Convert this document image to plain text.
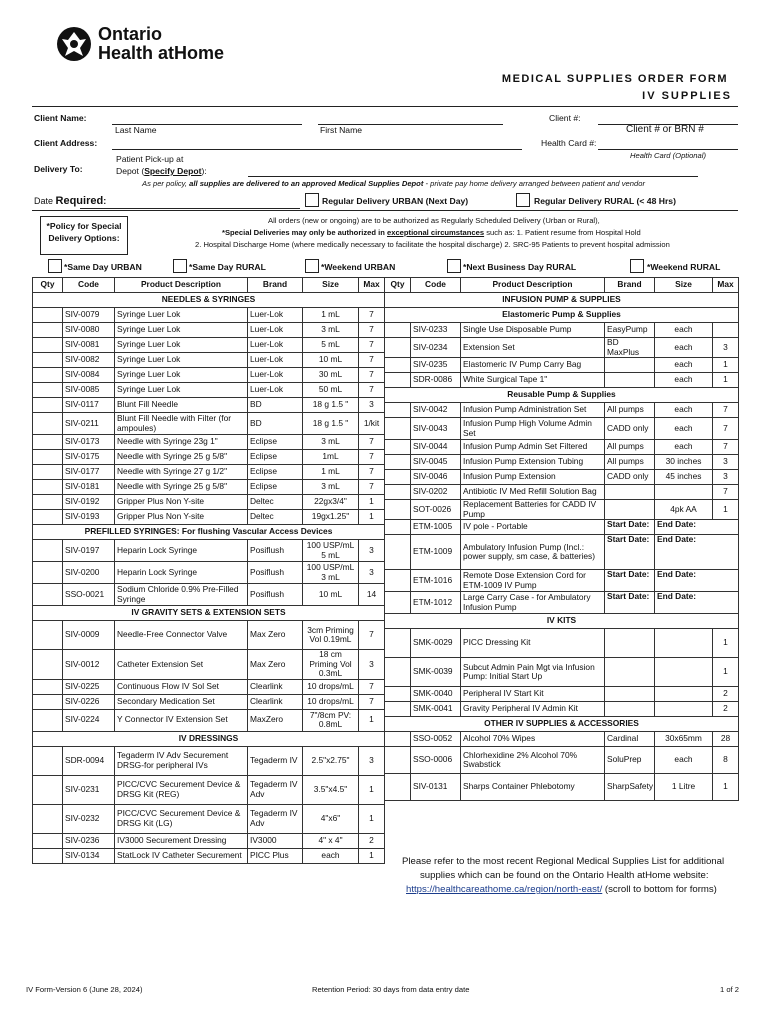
Ontario
Health atHome
MEDICAL SUPPLIES ORDER FORM
IV SUPPLIES
Client Name:
Last Name	First Name
Client #:
Client # or BRN #
Client Address:	Health Card #:
Health Card (Optional)
Delivery To:
Patient Pick-up at
Depot (Specify Depot):
As per policy, all supplies are delivered to an approved Medical Supplies Depot - private pay home delivery arranged between patient and vendor
Date Required:	Regular Delivery URBAN (Next Day)	Regular Delivery RURAL (< 48 Hrs)
*Policy for Special Delivery Options:
All orders (new or ongoing) are to be authorized as Regularly Scheduled Delivery (Urban or Rural),
*Special Deliveries may only be authorized in exceptional circumstances such as: 1. Patient resume from Hospital Hold
2. Hospital Discharge Home (where medically necessary to facilitate the hospital discharge) 2. SRC-95 Patients to prevent hospital admission
*Same Day URBAN	*Same Day RURAL	*Weekend URBAN	*Next Business Day RURAL	*Weekend RURAL
Qty	Code	Product Description	Brand	Size	Max
NEEDLES & SYRINGES					
	SIV-0079	Syringe Luer Lok	Luer-Lok	1 mL	7
	SIV-0080	Syringe Luer Lok	Luer-Lok	3 mL	7
	SIV-0081	Syringe Luer Lok	Luer-Lok	5 mL	7
	SIV-0082	Syringe Luer Lok	Luer-Lok	10 mL	7
	SIV-0084	Syringe Luer Lok	Luer-Lok	30 mL	7
	SIV-0085	Syringe Luer Lok	Luer-Lok	50 mL	7
	SIV-0117	Blunt Fill Needle	BD	18 g 1.5 "	3
	SIV-0211	Blunt Fill Needle with Filter (for ampoules)	BD	18 g 1.5 "	1/kit
	SIV-0173	Needle with Syringe 23g 1"	Eclipse	3 mL	7
	SIV-0175	Needle with Syringe 25 g 5/8"	Eclipse	1mL	7
	SIV-0177	Needle with Syringe 27 g 1/2"	Eclipse	1 mL	7
	SIV-0181	Needle with Syringe 25 g 5/8"	Eclipse	3 mL	7
	SIV-0192	Gripper Plus Non Y-site	Deltec	22gx3/4"	1
	SIV-0193	Gripper Plus Non Y-site	Deltec	19gx1.25"	1
PREFILLED SYRINGES: For flushing Vascular Access Devices					
	SIV-0197	Heparin Lock Syringe	Posiflush	100 USP/mL 5 mL	3
	SIV-0200	Heparin Lock Syringe	Posiflush	100 USP/mL 3 mL	3
	SSO-0021	Sodium Chloride 0.9% Pre-Filled Syringe	Posiflush	10 mL	14
IV GRAVITY SETS & EXTENSION SETS					
	SIV-0009	Needle-Free Connector Valve	Max Zero	3cm Priming Vol 0.19mL	7
	SIV-0012	Catheter Extension Set	Max Zero	18 cm Priming Vol 0.3mL	3
	SIV-0225	Continuous Flow IV Sol Set	Clearlink	10 drops/mL	7
	SIV-0226	Secondary Medication Set	Clearlink	10 drops/mL	7
	SIV-0224	Y Connector IV Extension Set	MaxZero	7"/8cm PV: 0.8mL	1
IV DRESSINGS					
	SDR-0094	Tegaderm IV Adv Securement DRSG-for peripheral IVs	Tegaderm IV	2.5"x2.75"	3
	SIV-0231	PICC/CVC Securement Device & DRSG Kit (REG)	Tegaderm IV Adv	3.5"x4.5"	1
	SIV-0232	PICC/CVC Securement Device & DRSG Kit (LG)	Tegaderm IV Adv	4"x6"	1
	SIV-0236	IV3000 Securement Dressing	IV3000	4" x 4"	2
	SIV-0134	StatLock IV Catheter Securement	PICC Plus	each	1
Qty	Code	Product Description	Brand	Size	Max
INFUSION PUMP & SUPPLIES					
Elastomeric Pump & Supplies					
	SIV-0233	Single Use Disposable Pump	EasyPump	each	
	SIV-0234	Extension Set	BD MaxPlus	each	3
	SIV-0235	Elastomeric IV Pump Carry Bag		each	1
	SDR-0086	White Surgical Tape 1"		each	1
Reusable Pump & Supplies					
	SIV-0042	Infusion Pump Administration Set	All pumps	each	7
	SIV-0043	Infusion Pump High Volume Admin Set	CADD only	each	7
	SIV-0044	Infusion Pump Admin Set Filtered	All pumps	each	7
	SIV-0045	Infusion Pump Extension Tubing	All pumps	30 inches	3
	SIV-0046	Infusion Pump Extension	CADD only	45 inches	3
	SIV-0202	Antibiotic IV Med Refill Solution Bag			7
	SOT-0026	Replacement Batteries for CADD IV Pump		4pk AA	1
	ETM-1005	IV pole - Portable	Start Date:	End Date:	
	ETM-1009	Ambulatory Infusion Pump (Incl.: power supply, sm case, & batteries)	Start Date:	End Date:	
	ETM-1016	Remote Dose Extension Cord for ETM-1009 IV Pump	Start Date:	End Date:	
	ETM-1012	Large Carry Case - for Ambulatory Infusion Pump	Start Date:	End Date:	
IV KITS					
	SMK-0029	PICC Dressing Kit			1
	SMK-0039	Subcut Admin Pain Mgt via Infusion Pump: Initial Start Up			1
	SMK-0040	Peripheral IV Start Kit			2
	SMK-0041	Gravity Peripheral IV Admin Kit			2
OTHER IV SUPPLIES & ACCESSORIES					
	SSO-0052	Alcohol 70% Wipes	Cardinal	30x65mm	28
	SSO-0006	Chlorhexidine 2% Alcohol 70% Swabstick	SoluPrep	each	8
	SIV-0131	Sharps Container Phlebotomy	SharpSafety	1 Litre	1
Please refer to the most recent Regional Medical Supplies List for additional
supplies which can be found on the Ontario Health atHome website:
https://healthcareathome.ca/region/north-east/ (scroll to bottom for forms)
IV Form-Version 6 (June 28, 2024)	Retention Period: 30 days from data entry date	1 of 2
